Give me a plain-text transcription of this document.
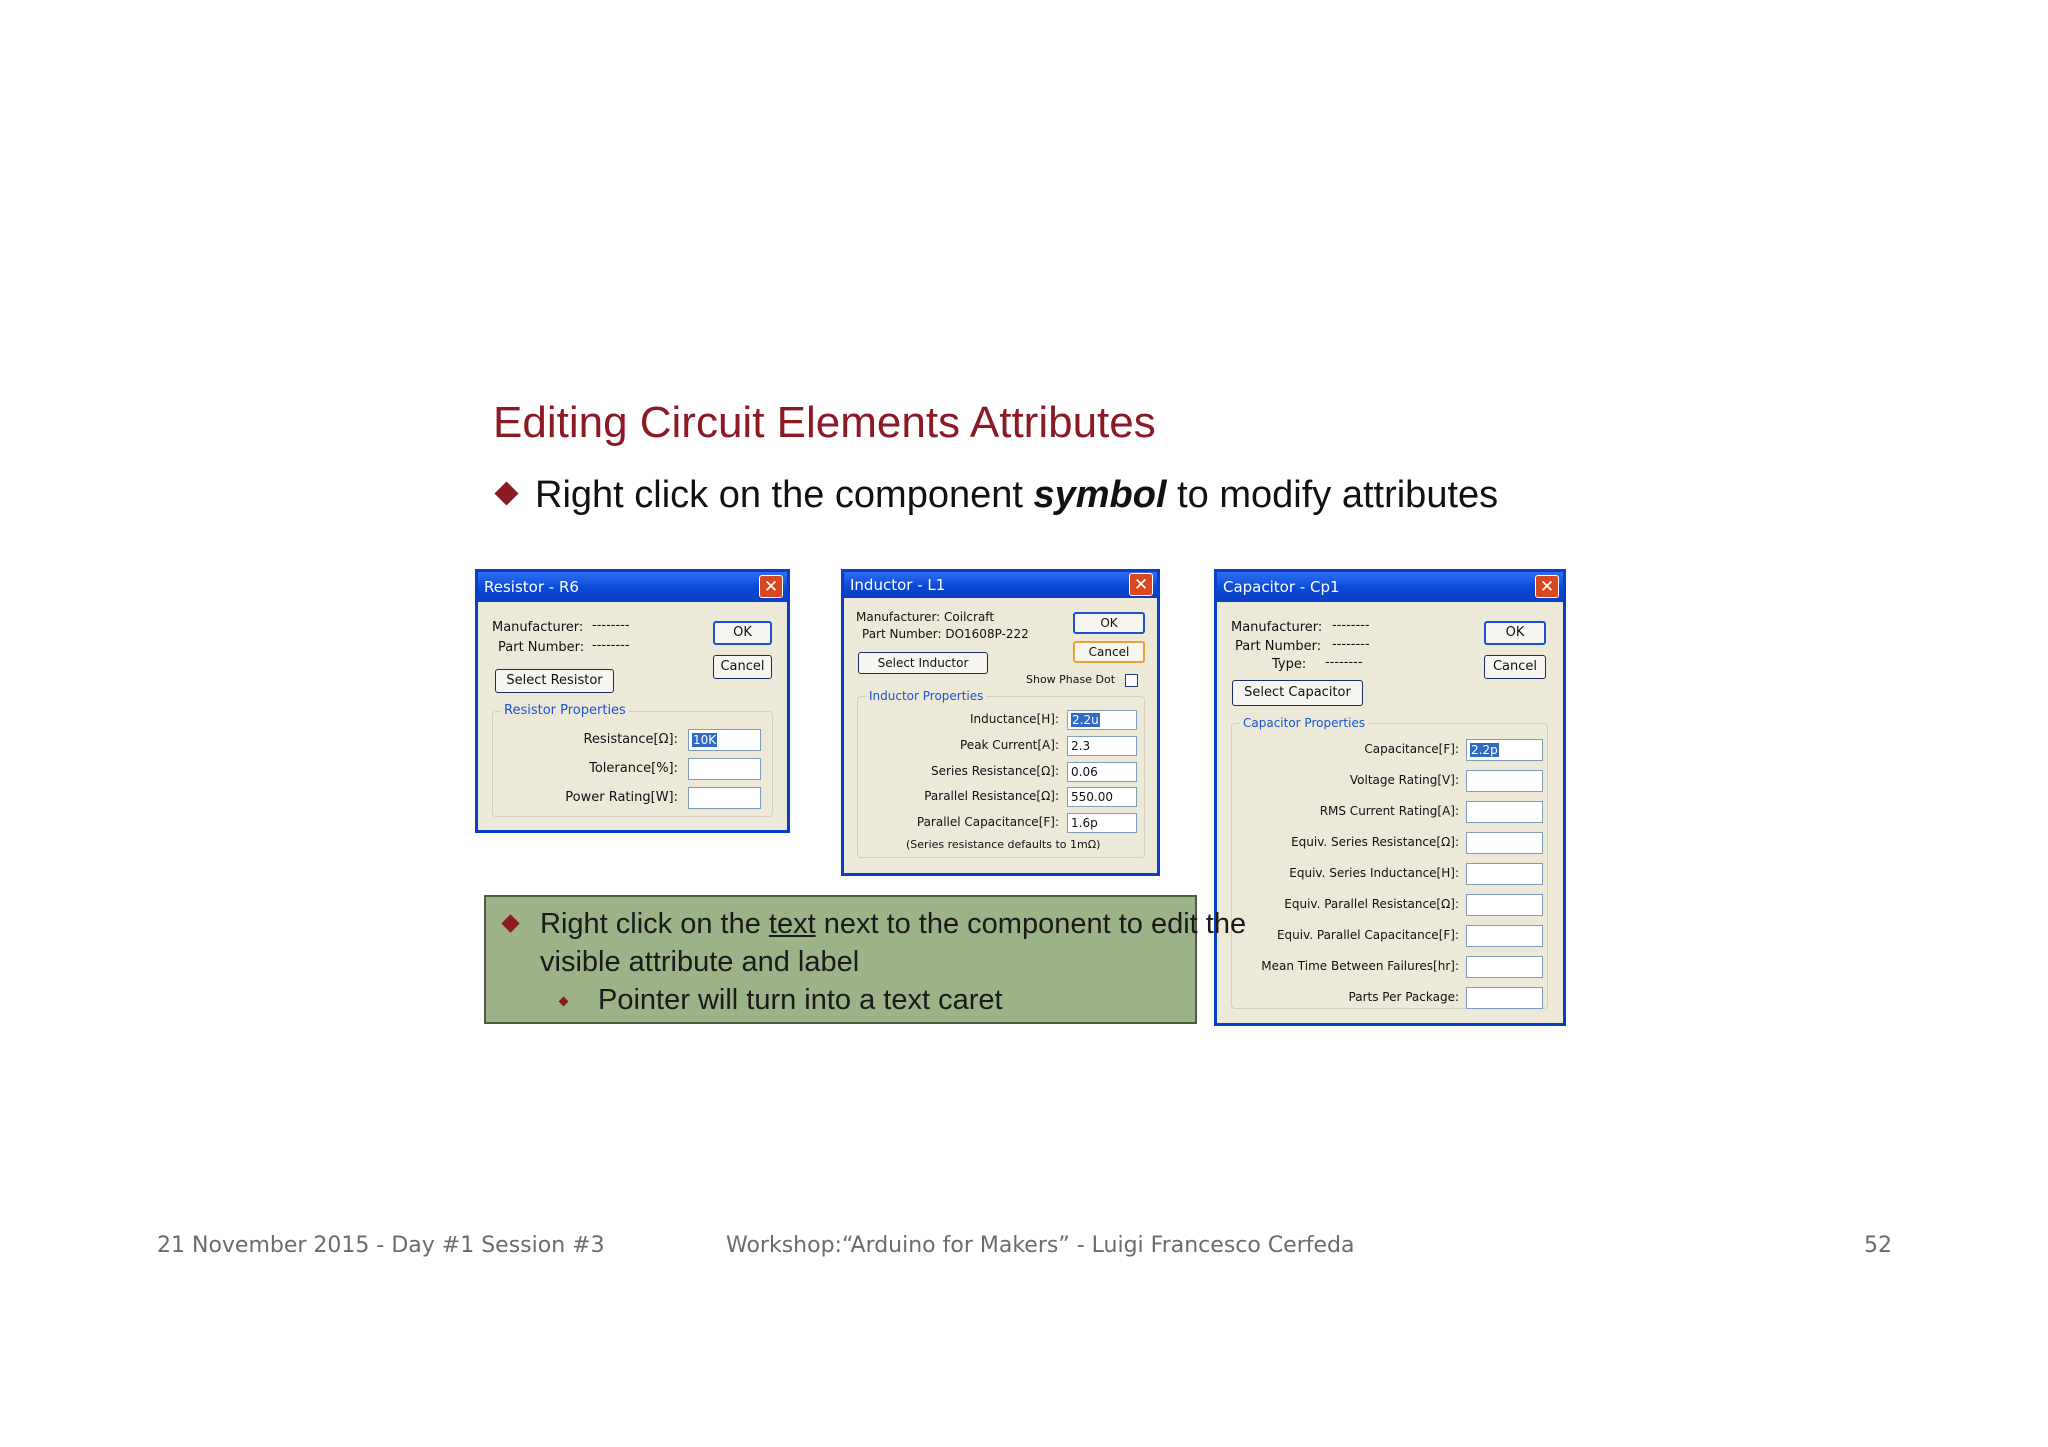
Editing Circuit Elements Attributes
Right click on the component symbol to modify attributes
Resistor - R6	✕
Manufacturer: --------
Part Number: --------
OK
Cancel
Select Resistor
Resistor Properties
Resistance[Ω]:	10K
Tolerance[%]:
Power Rating[W]:
Inductor - L1	✕
Manufacturer: Coilcraft
Part Number: DO1608P-222
OK
Cancel
Select Inductor
Show Phase Dot
Inductor Properties
Inductance[H]:	2.2u
Peak Current[A]:	2.3
Series Resistance[Ω]:	0.06
Parallel Resistance[Ω]:	550.00
Parallel Capacitance[F]:	1.6p
(Series resistance defaults to 1mΩ)
Capacitor - Cp1	✕
Manufacturer: --------
Part Number: --------
Type: --------
OK
Cancel
Select Capacitor
Capacitor Properties
Capacitance[F]:	2.2p
Voltage Rating[V]:
RMS Current Rating[A]:
Equiv. Series Resistance[Ω]:
Equiv. Series Inductance[H]:
Equiv. Parallel Resistance[Ω]:
Equiv. Parallel Capacitance[F]:
Mean Time Between Failures[hr]:
Parts Per Package:
Right click on the text next to the component to edit the
visible attribute and label
Pointer will turn into a text caret
21 November 2015 - Day #1 Session #3	Workshop:“Arduino for Makers” - Luigi Francesco Cerfeda	52
